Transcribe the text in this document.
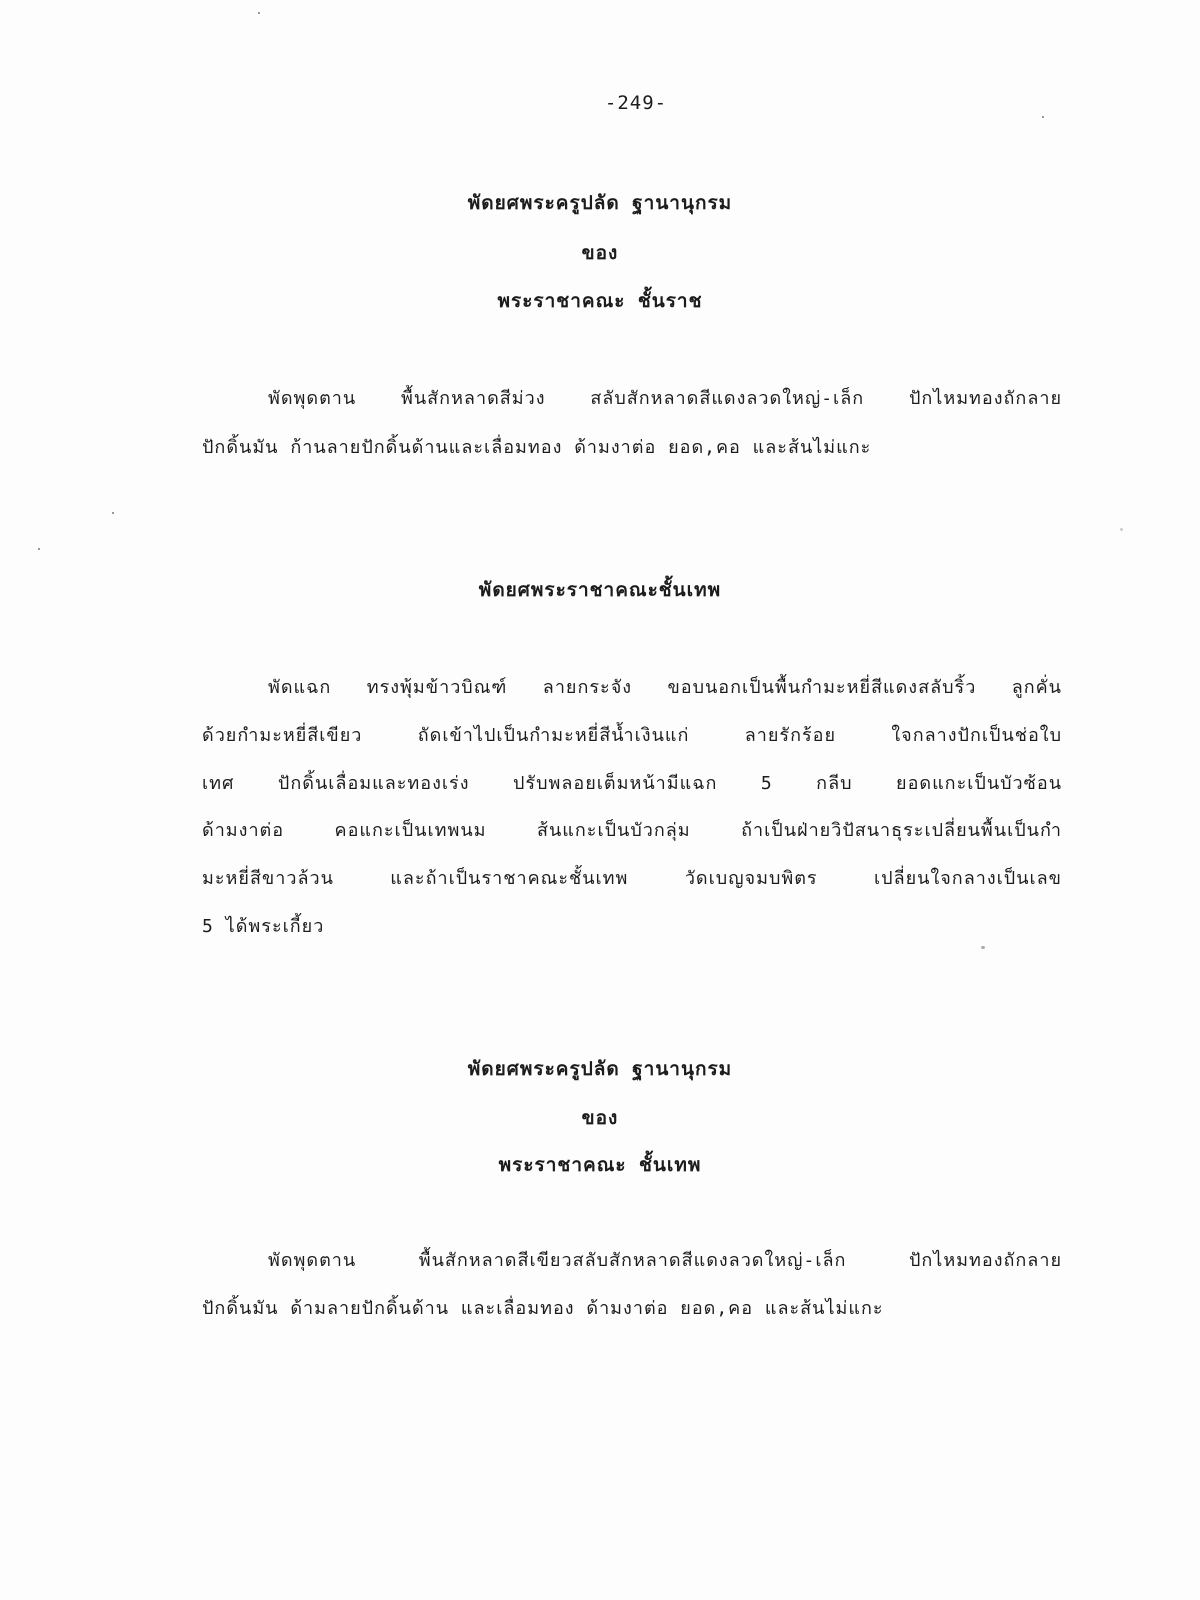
-249-
พัดยศพระครูปลัด ฐานานุกรม
ของ
พระราชาคณะ ชั้นราช
พัดพุดตาน พื้นสักหลาดสีม่วง สลับสักหลาดสีแดงลวดใหญ่-เล็ก ปักไหมทองถักลาย
ปักดิ้นมัน ก้านลายปักดิ้นด้านและเลื่อมทอง ด้ามงาต่อ ยอด,คอ และส้นไม่แกะ
พัดยศพระราชาคณะชั้นเทพ
พัดแฉก ทรงพุ้มข้าวบิณฑ์ ลายกระจัง ขอบนอกเป็นพื้นกำมะหยี่สีแดงสลับริ้ว ลูกคั่น
ด้วยกำมะหยี่สีเขียว ถัดเข้าไปเป็นกำมะหยี่สีน้ำเงินแก่ ลายรักร้อย ใจกลางปักเป็นช่อใบ
เทศ ปักดิ้นเลื่อมและทองเร่ง ปรับพลอยเต็มหน้ามีแฉก 5 กลีบ ยอดแกะเป็นบัวซ้อน
ด้ามงาต่อ คอแกะเป็นเทพนม ส้นแกะเป็นบัวกลุ่ม ถ้าเป็นฝ่ายวิปัสนาธุระเปลี่ยนพื้นเป็นกำ
มะหยี่สีขาวล้วน และถ้าเป็นราชาคณะชั้นเทพ วัดเบญจมบพิตร เปลี่ยนใจกลางเป็นเลข
5 ได้พระเกี้ยว
พัดยศพระครูปลัด ฐานานุกรม
ของ
พระราชาคณะ ชั้นเทพ
พัดพุดตาน พื้นสักหลาดสีเขียวสลับสักหลาดสีแดงลวดใหญ่-เล็ก ปักไหมทองถักลาย
ปักดิ้นมัน ด้ามลายปักดิ้นด้าน และเลื่อมทอง ด้ามงาต่อ ยอด,คอ และส้นไม่แกะ
